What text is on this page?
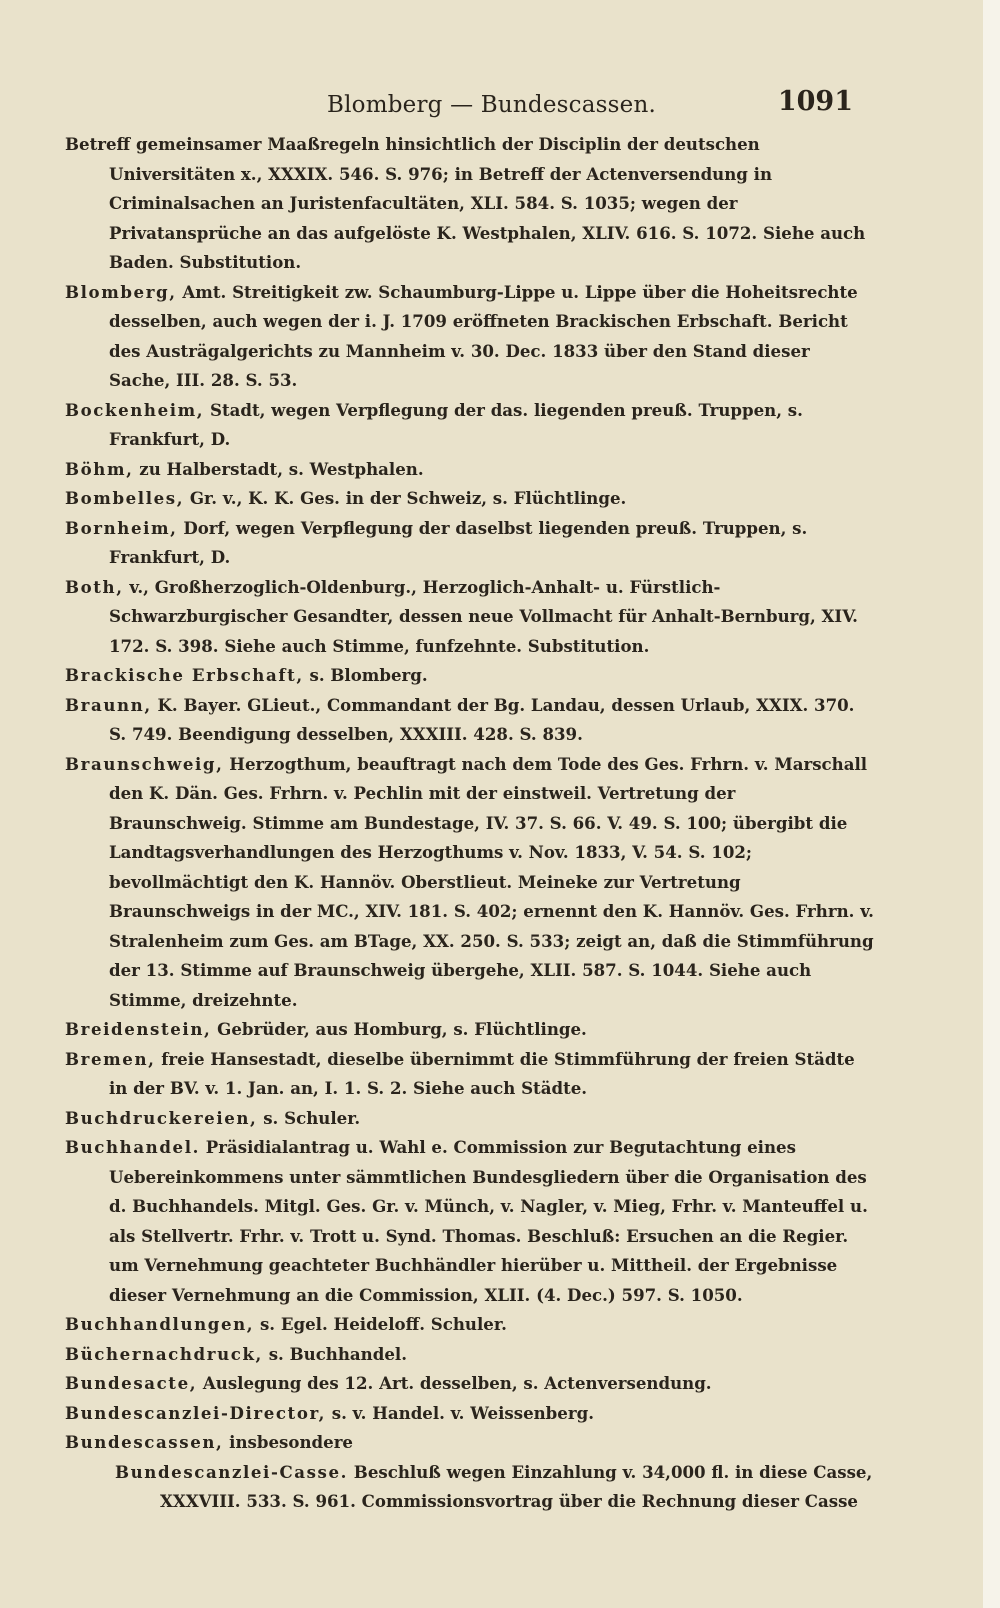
Blomberg — Bundescassen.	1091

Betreff gemeinsamer Maaßregeln hinsichtlich der Disciplin der deutschen Universitäten x., XXXIX. 546. S. 976; in Betreff der Actenversendung in Criminalsachen an Juristenfacultäten, XLI. 584. S. 1035; wegen der Privatansprüche an das aufgelöste K. Westphalen, XLIV. 616. S. 1072. Siehe auch Baden. Substitution.

Blomberg, Amt. Streitigkeit zw. Schaumburg-Lippe u. Lippe über die Hoheitsrechte desselben, auch wegen der i. J. 1709 eröffneten Brackischen Erbschaft. Bericht des Austrägalgerichts zu Mannheim v. 30. Dec. 1833 über den Stand dieser Sache, III. 28. S. 53.

Bockenheim, Stadt, wegen Verpflegung der das. liegenden preuß. Truppen, s. Frankfurt, D.

Böhm, zu Halberstadt, s. Westphalen.

Bombelles, Gr. v., K. K. Ges. in der Schweiz, s. Flüchtlinge.

Bornheim, Dorf, wegen Verpflegung der daselbst liegenden preuß. Truppen, s. Frankfurt, D.

Both, v., Großherzoglich-Oldenburg., Herzoglich-Anhalt- u. Fürstlich-Schwarzburgischer Gesandter, dessen neue Vollmacht für Anhalt-Bernburg, XIV. 172. S. 398. Siehe auch Stimme, funfzehnte. Substitution.

Brackische Erbschaft, s. Blomberg.

Braunn, K. Bayer. GLieut., Commandant der Bg. Landau, dessen Urlaub, XXIX. 370. S. 749. Beendigung desselben, XXXIII. 428. S. 839.

Braunschweig, Herzogthum, beauftragt nach dem Tode des Ges. Frhrn. v. Marschall den K. Dän. Ges. Frhrn. v. Pechlin mit der einstweil. Vertretung der Braunschweig. Stimme am Bundestage, IV. 37. S. 66. V. 49. S. 100; übergibt die Landtagsverhandlungen des Herzogthums v. Nov. 1833, V. 54. S. 102; bevollmächtigt den K. Hannöv. Oberstlieut. Meineke zur Vertretung Braunschweigs in der MC., XIV. 181. S. 402; ernennt den K. Hannöv. Ges. Frhrn. v. Stralenheim zum Ges. am BTage, XX. 250. S. 533; zeigt an, daß die Stimmführung der 13. Stimme auf Braunschweig übergehe, XLII. 587. S. 1044. Siehe auch Stimme, dreizehnte.

Breidenstein, Gebrüder, aus Homburg, s. Flüchtlinge.

Bremen, freie Hansestadt, dieselbe übernimmt die Stimmführung der freien Städte in der BV. v. 1. Jan. an, I. 1. S. 2. Siehe auch Städte.

Buchdruckereien, s. Schuler.

Buchhandel. Präsidialantrag u. Wahl e. Commission zur Begutachtung eines Uebereinkommens unter sämmtlichen Bundesgliedern über die Organisation des d. Buchhandels. Mitgl. Ges. Gr. v. Münch, v. Nagler, v. Mieg, Frhr. v. Manteuffel u. als Stellvertr. Frhr. v. Trott u. Synd. Thomas. Beschluß: Ersuchen an die Regier. um Vernehmung geachteter Buchhändler hierüber u. Mittheil. der Ergebnisse dieser Vernehmung an die Commission, XLII. (4. Dec.) 597. S. 1050.

Buchhandlungen, s. Egel. Heideloff. Schuler.

Büchernachdruck, s. Buchhandel.

Bundesacte, Auslegung des 12. Art. desselben, s. Actenversendung.

Bundescanzlei-Director, s. v. Handel. v. Weissenberg.

Bundescassen, insbesondere

Bundescanzlei-Casse. Beschluß wegen Einzahlung v. 34,000 fl. in diese Casse, XXXVIII. 533. S. 961. Commissionsvortrag über die Rechnung dieser Casse
